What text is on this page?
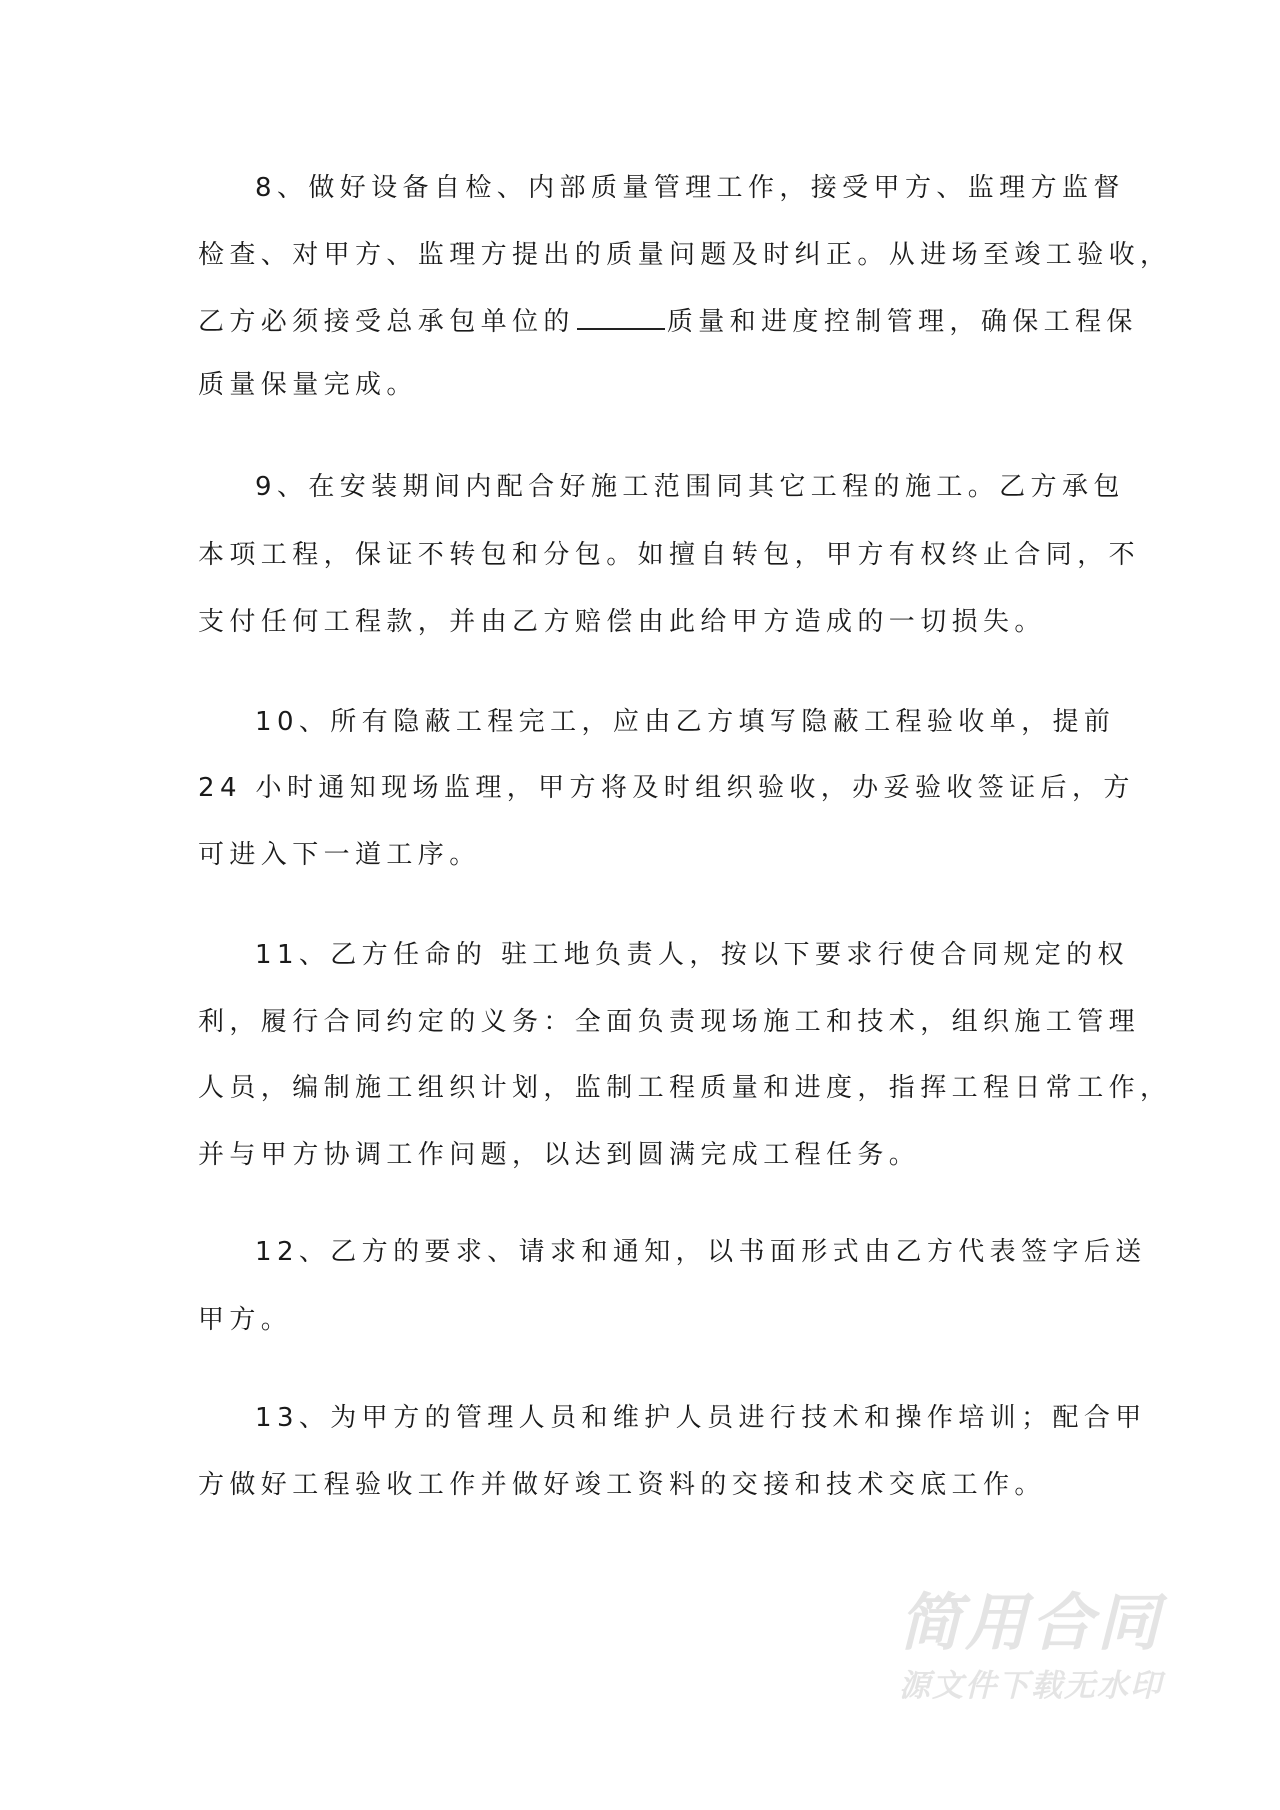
8、做好设备自检、内部质量管理工作，接受甲方、监理方监督
检查、对甲方、监理方提出的质量问题及时纠正。从进场至竣工验收，
乙方必须接受总承包单位的	质量和进度控制管理，确保工程保
质量保量完成。
9、在安装期间内配合好施工范围同其它工程的施工。乙方承包
本项工程，保证不转包和分包。如擅自转包，甲方有权终止合同，不
支付任何工程款，并由乙方赔偿由此给甲方造成的一切损失。
10、所有隐蔽工程完工，应由乙方填写隐蔽工程验收单，提前
24 小时通知现场监理，甲方将及时组织验收，办妥验收签证后，方
可进入下一道工序。
11、乙方任命的 驻工地负责人，按以下要求行使合同规定的权
利，履行合同约定的义务：全面负责现场施工和技术，组织施工管理
人员，编制施工组织计划，监制工程质量和进度，指挥工程日常工作，
并与甲方协调工作问题，以达到圆满完成工程任务。
12、乙方的要求、请求和通知，以书面形式由乙方代表签字后送
甲方。
13、为甲方的管理人员和维护人员进行技术和操作培训；配合甲
方做好工程验收工作并做好竣工资料的交接和技术交底工作。
简用合同
源文件下载无水印
